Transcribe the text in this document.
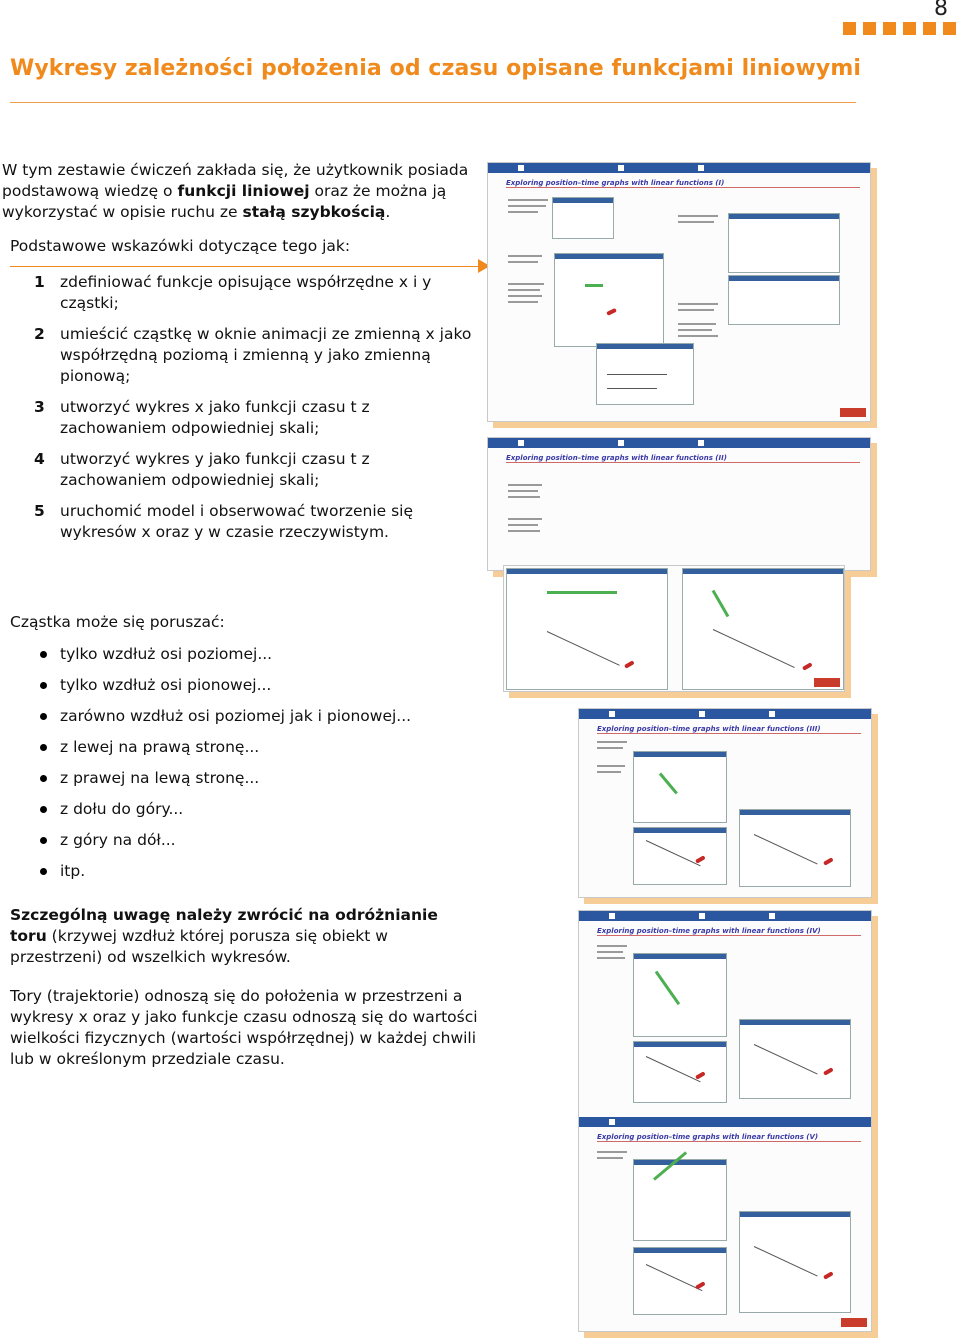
8
Wykresy zależności położenia od czasu opisane funkcjami liniowymi
W tym zestawie ćwiczeń zakłada się, że użytkownik posiada podstawową wiedzę o funkcji liniowej oraz że można ją wykorzystać w opisie ruchu ze stałą szybkością.
Podstawowe wskazówki dotyczące tego jak:
1 zdefiniować funkcje opisujące współrzędne x i y cząstki;
2 umieścić cząstkę w oknie animacji ze zmienną x jako współrzędną poziomą i zmienną y jako zmienną pionową;
3 utworzyć wykres x jako funkcji czasu t z zachowaniem odpowiedniej skali;
4 utworzyć wykres y jako funkcji czasu t z zachowaniem odpowiedniej skali;
5 uruchomić model i obserwować tworzenie się wykresów x oraz y w czasie rzeczywistym.
Cząstka może się poruszać:
tylko wzdłuż osi poziomej...
tylko wzdłuż osi pionowej...
zarówno wzdłuż osi poziomej jak i pionowej...
z lewej na prawą stronę...
z prawej na lewą stronę...
z dołu do góry...
z góry na dół...
itp.
Szczególną uwagę należy zwrócić na odróżnianie toru (krzywej wzdłuż której porusza się obiekt w przestrzeni) od wszelkich wykresów.
Tory (trajektorie) odnoszą się do położenia w przestrzeni a wykresy x oraz y jako funkcje czasu odnoszą się do wartości wielkości fizycznych (wartości współrzędnej) w każdej chwili lub w określonym przedziale czasu.
Exploring position–time graphs with linear functions (I)
Exploring position–time graphs with linear functions (II)
Exploring position–time graphs with linear functions (III)
Exploring position–time graphs with linear functions (IV)
Exploring position–time graphs with linear functions (V)
